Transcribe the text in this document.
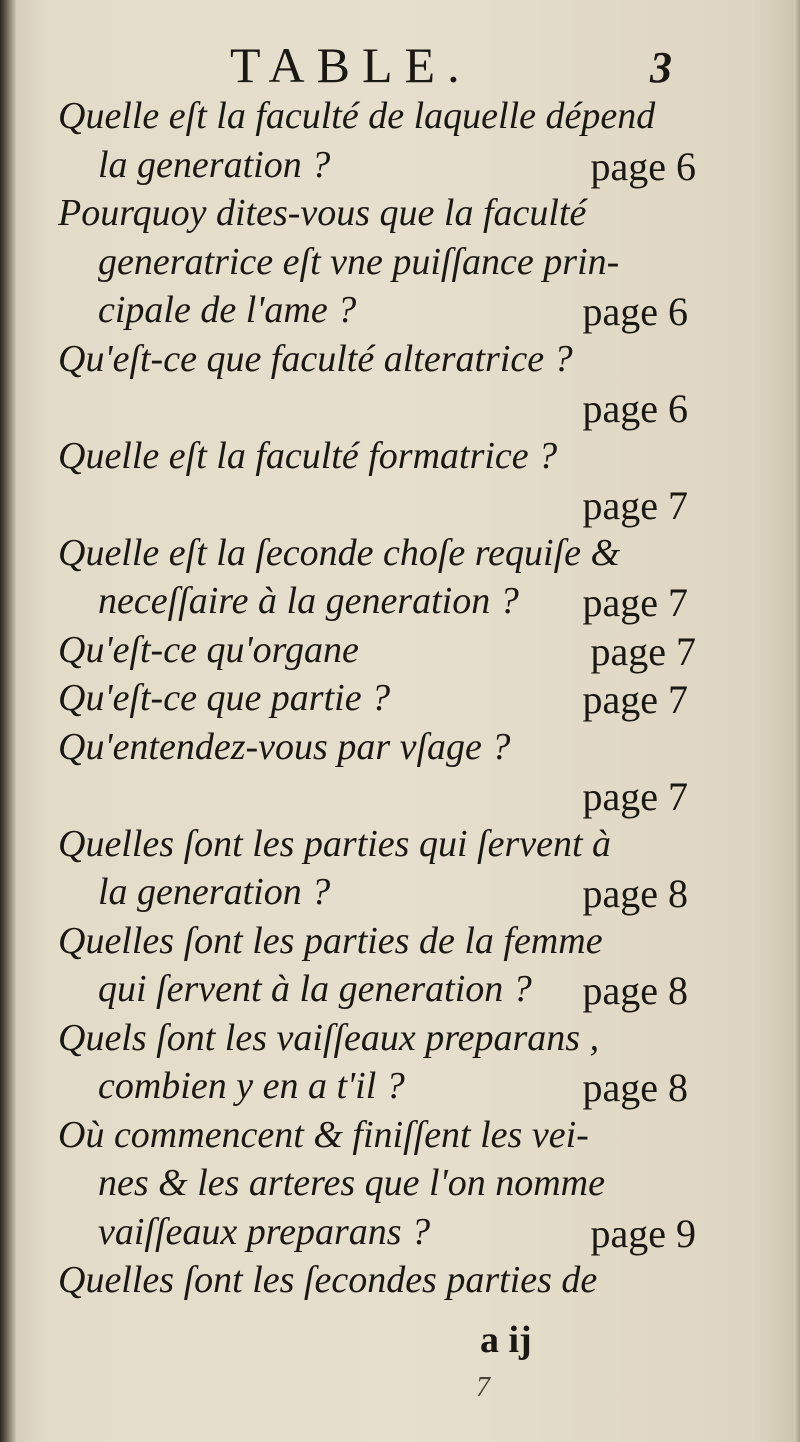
TABLE.	3
Quelle eſt la faculté de laquelle dépend
la generation ?	page 6
Pourquoy dites-vous que la faculté
generatrice eſt vne puiſſance prin-
cipale de l'ame ?	page 6
Qu'eſt-ce que faculté alteratrice ?
page 6
Quelle eſt la faculté formatrice ?
page 7
Quelle eſt la ſeconde choſe requiſe &
neceſſaire à la generation ? page 7
Qu'eſt-ce qu'organe	page 7
Qu'eſt-ce que partie ?	page 7
Qu'entendez-vous par vſage ?
page 7
Quelles ſont les parties qui ſervent à
la generation ?	page 8
Quelles ſont les parties de la femme
qui ſervent à la generation ? page 8
Quels ſont les vaiſſeaux preparans ,
combien y en a t'il ?	page 8
Où commencent & finiſſent les vei-
nes & les arteres que l'on nomme
vaiſſeaux preparans ?	page 9
Quelles ſont les ſecondes parties de
a ij
7
